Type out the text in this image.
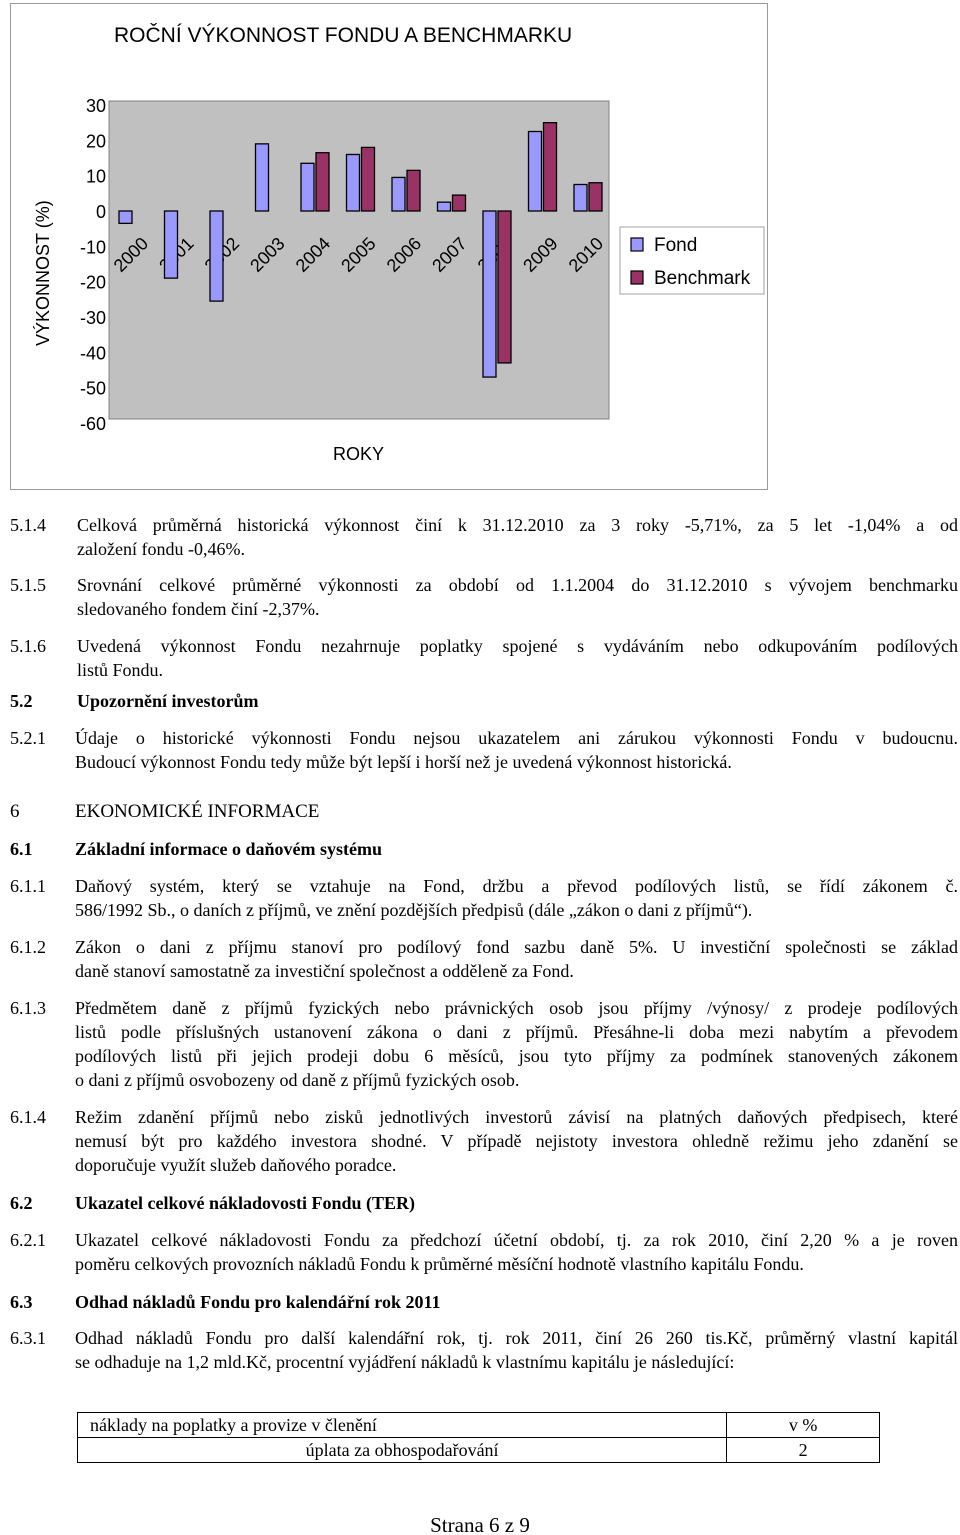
ROČNÍ VÝKONNOST FONDU A BENCHMARKU
30
20
10
0
-10
-20
-30
-40
-50
-60
2000	2003 2004 2005 2006 2007	2009 2010
VÝKONNOST (%)
ROKY
Fond
Benchmark
5.1.4 Celková průměrná historická výkonnost činí k 31.12.2010 za 3 roky -5,71%, za 5 let -1,04% a od
založení fondu -0,46%.
5.1.5 Srovnání celkové průměrné výkonnosti za období od 1.1.2004 do 31.12.2010 s vývojem benchmarku
sledovaného fondem činí -2,37%.
5.1.6 Uvedená výkonnost Fondu nezahrnuje poplatky spojené s vydáváním nebo odkupováním podílových
listů Fondu.
5.2 Upozornění investorům
5.2.1 Údaje o historické výkonnosti Fondu nejsou ukazatelem ani zárukou výkonnosti Fondu v budoucnu.
Budoucí výkonnost Fondu tedy může být lepší i horší než je uvedená výkonnost historická.
6	EKONOMICKÉ INFORMACE
6.1 Základní informace o daňovém systému
6.1.1 Daňový systém, který se vztahuje na Fond, držbu a převod podílových listů, se řídí zákonem č.
586/1992 Sb., o daních z příjmů, ve znění pozdějších předpisů (dále „zákon o dani z příjmů“).
6.1.2 Zákon o dani z příjmu stanoví pro podílový fond sazbu daně 5%. U investiční společnosti se základ
daně stanoví samostatně za investiční společnost a odděleně za Fond.
6.1.3 Předmětem daně z příjmů fyzických nebo právnických osob jsou příjmy /výnosy/ z prodeje podílových
listů podle příslušných ustanovení zákona o dani z příjmů. Přesáhne-li doba mezi nabytím a převodem
podílových listů při jejich prodeji dobu 6 měsíců, jsou tyto příjmy za podmínek stanovených zákonem
o dani z příjmů osvobozeny od daně z příjmů fyzických osob.
6.1.4 Režim zdanění příjmů nebo zisků jednotlivých investorů závisí na platných daňových předpisech, které
nemusí být pro každého investora shodné. V případě nejistoty investora ohledně režimu jeho zdanění se
doporučuje využít služeb daňového poradce.
6.2 Ukazatel celkové nákladovosti Fondu (TER)
6.2.1 Ukazatel celkové nákladovosti Fondu za předchozí účetní období, tj. za rok 2010, činí 2,20 % a je roven
poměru celkových provozních nákladů Fondu k průměrné měsíční hodnotě vlastního kapitálu Fondu.
6.3 Odhad nákladů Fondu pro kalendářní rok 2011
6.3.1 Odhad nákladů Fondu pro další kalendářní rok, tj. rok 2011, činí 26 260 tis.Kč, průměrný vlastní kapitál
se odhaduje na 1,2 mld.Kč, procentní vyjádření nákladů k vlastnímu kapitálu je následující:
náklady na poplatky a provize v členění	v %
úplata za obhospodařování	2
Strana 6 z 9
